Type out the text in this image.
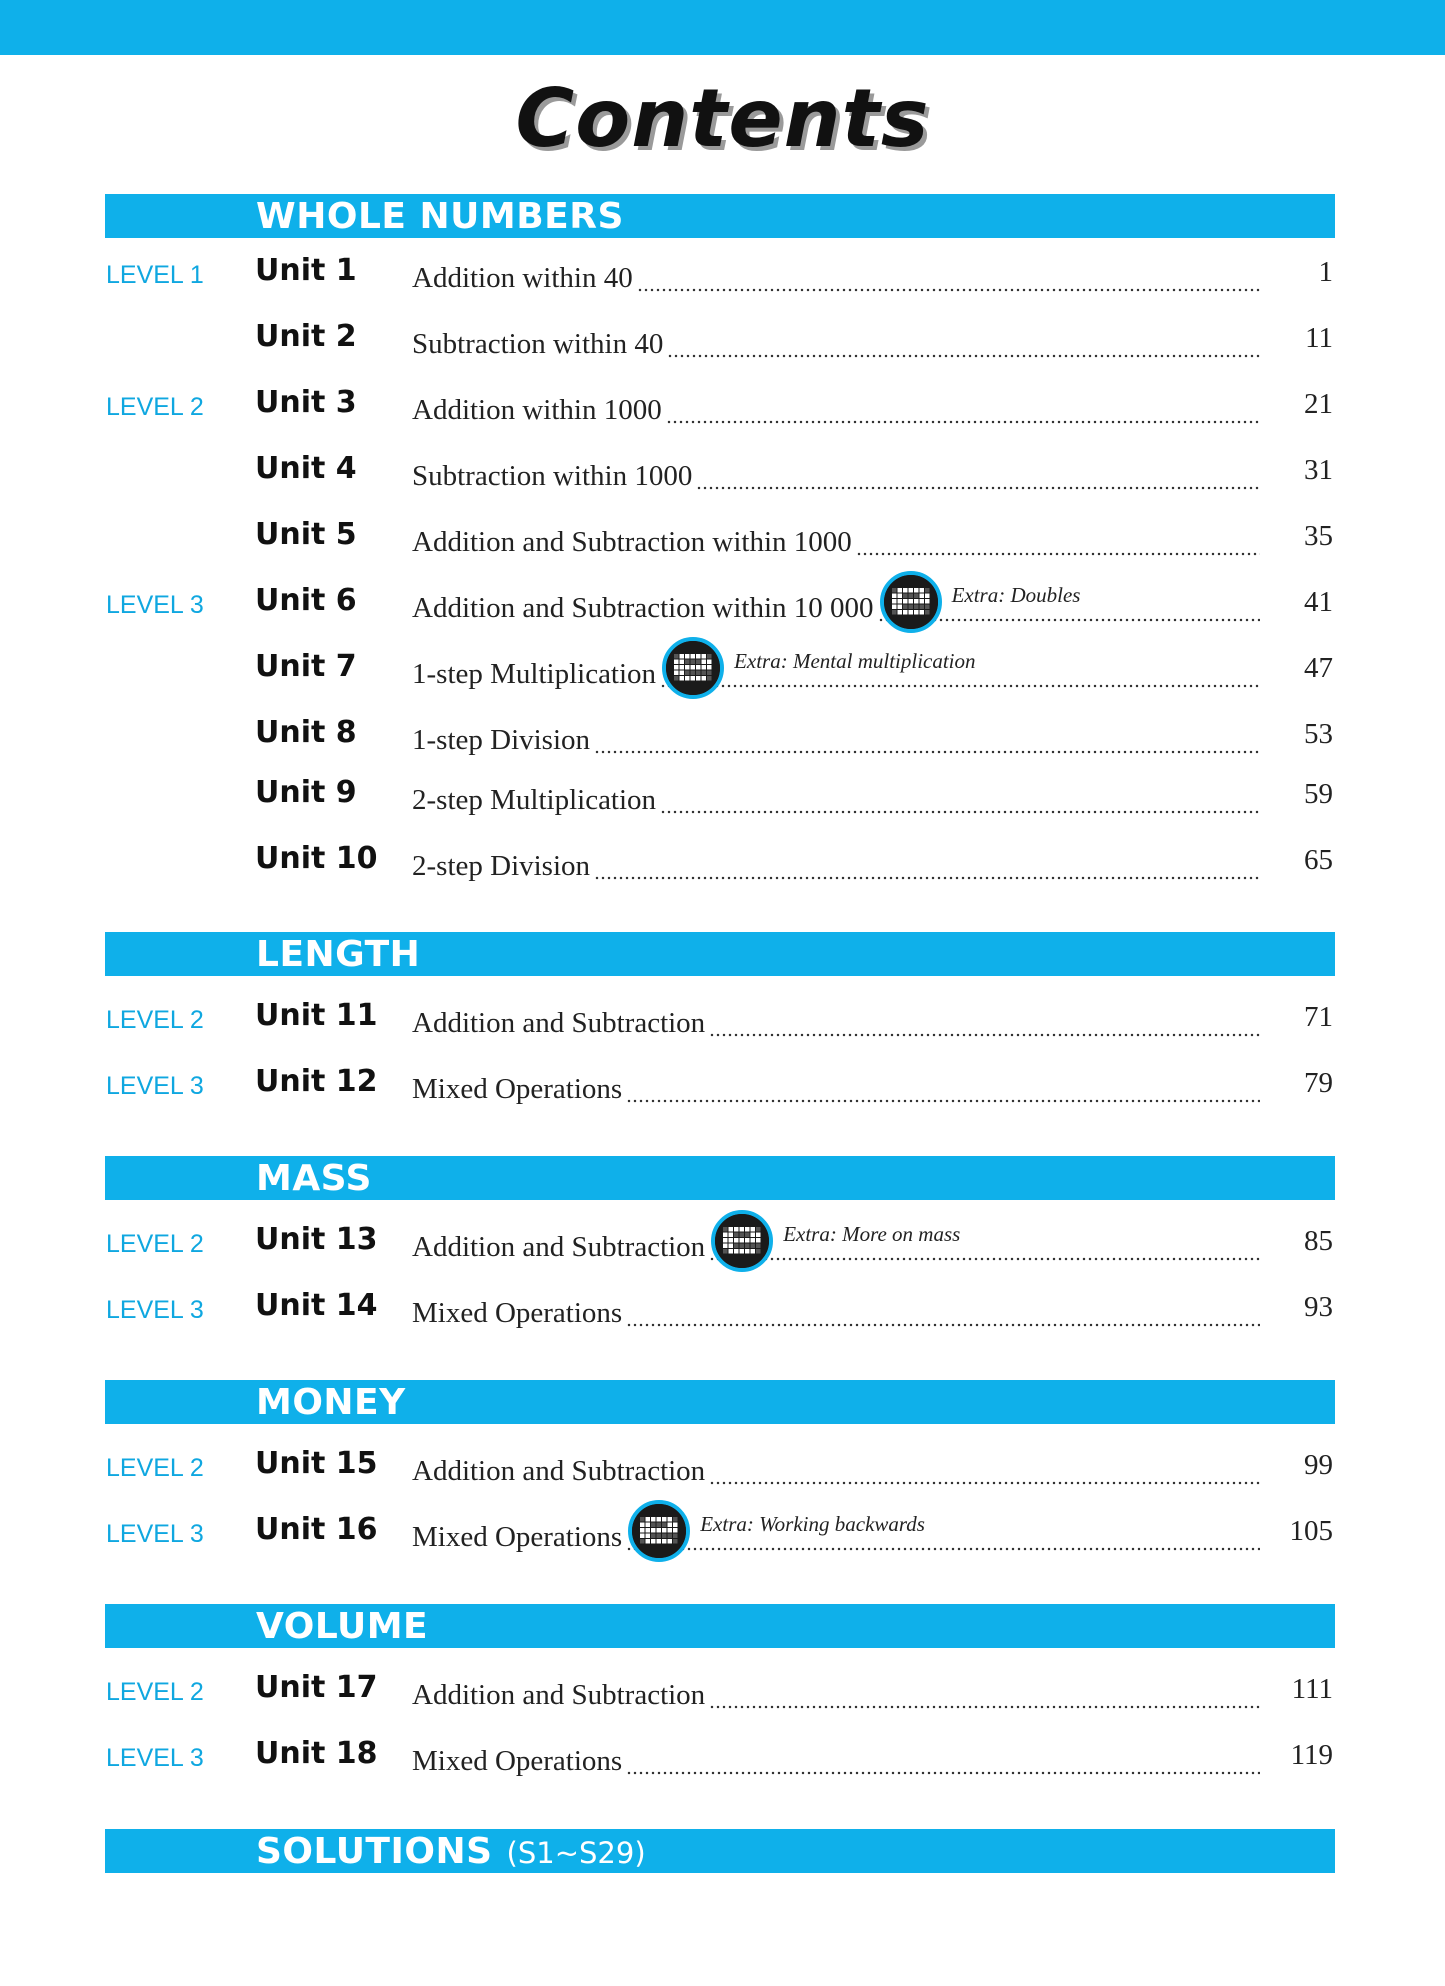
Contents
WHOLE NUMBERS
LEVEL 1 Unit 1 Addition within 40	1
Unit 2 Subtraction within 40	11
LEVEL 2 Unit 3 Addition within 1000	21
Unit 4 Subtraction within 1000	31
Unit 5 Addition and Subtraction within 1000	35
LEVEL 3 Unit 6 Addition and Subtraction within 10 000	Extra: Doubles	41
Unit 7 1-step Multiplication	Extra: Mental multiplication	47
Unit 8 1-step Division	53
Unit 9 2-step Multiplication	59
Unit 10 2-step Division	65
LENGTH
LEVEL 2 Unit 11 Addition and Subtraction	71
LEVEL 3 Unit 12 Mixed Operations	79
MASS
LEVEL 2 Unit 13 Addition and Subtraction	Extra: More on mass	85
LEVEL 3 Unit 14 Mixed Operations	93
MONEY
LEVEL 2 Unit 15 Addition and Subtraction	99
LEVEL 3 Unit 16 Mixed Operations	Extra: Working backwards	105
VOLUME
LEVEL 2 Unit 17 Addition and Subtraction	111
LEVEL 3 Unit 18 Mixed Operations	119
SOLUTIONS (S1~S29)
